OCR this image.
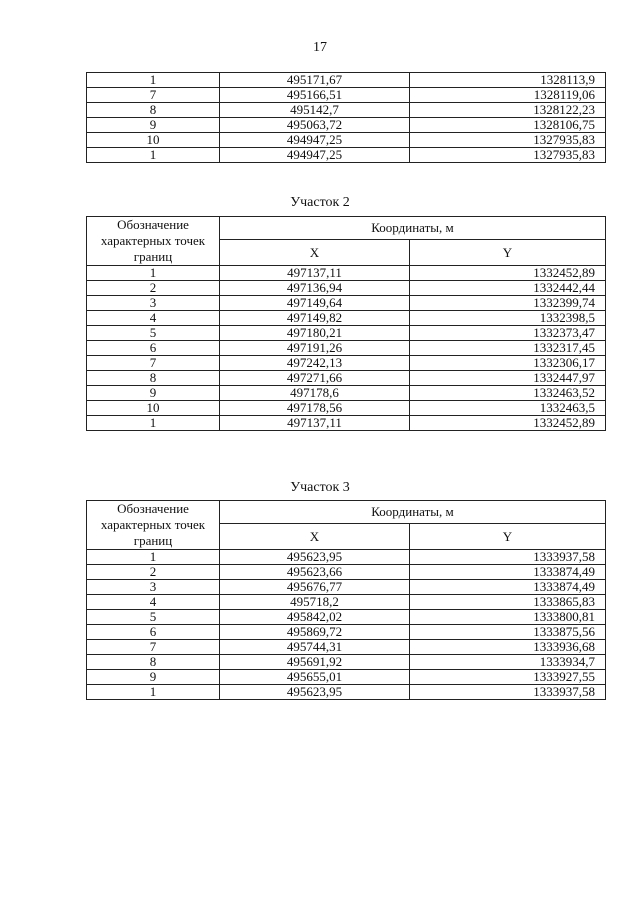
17
1	495171,67	1328113,9
7	495166,51	1328119,06
8	495142,7	1328122,23
9	495063,72	1328106,75
10	494947,25	1327935,83
1	494947,25	1327935,83
Участок 2
Обозначение характерных точек границ	Координаты, м	
	X	Y
1	497137,11	1332452,89
2	497136,94	1332442,44
3	497149,64	1332399,74
4	497149,82	1332398,5
5	497180,21	1332373,47
6	497191,26	1332317,45
7	497242,13	1332306,17
8	497271,66	1332447,97
9	497178,6	1332463,52
10	497178,56	1332463,5
1	497137,11	1332452,89
Участок 3
Обозначение характерных точек границ	Координаты, м	
	X	Y
1	495623,95	1333937,58
2	495623,66	1333874,49
3	495676,77	1333874,49
4	495718,2	1333865,83
5	495842,02	1333800,81
6	495869,72	1333875,56
7	495744,31	1333936,68
8	495691,92	1333934,7
9	495655,01	1333927,55
1	495623,95	1333937,58
